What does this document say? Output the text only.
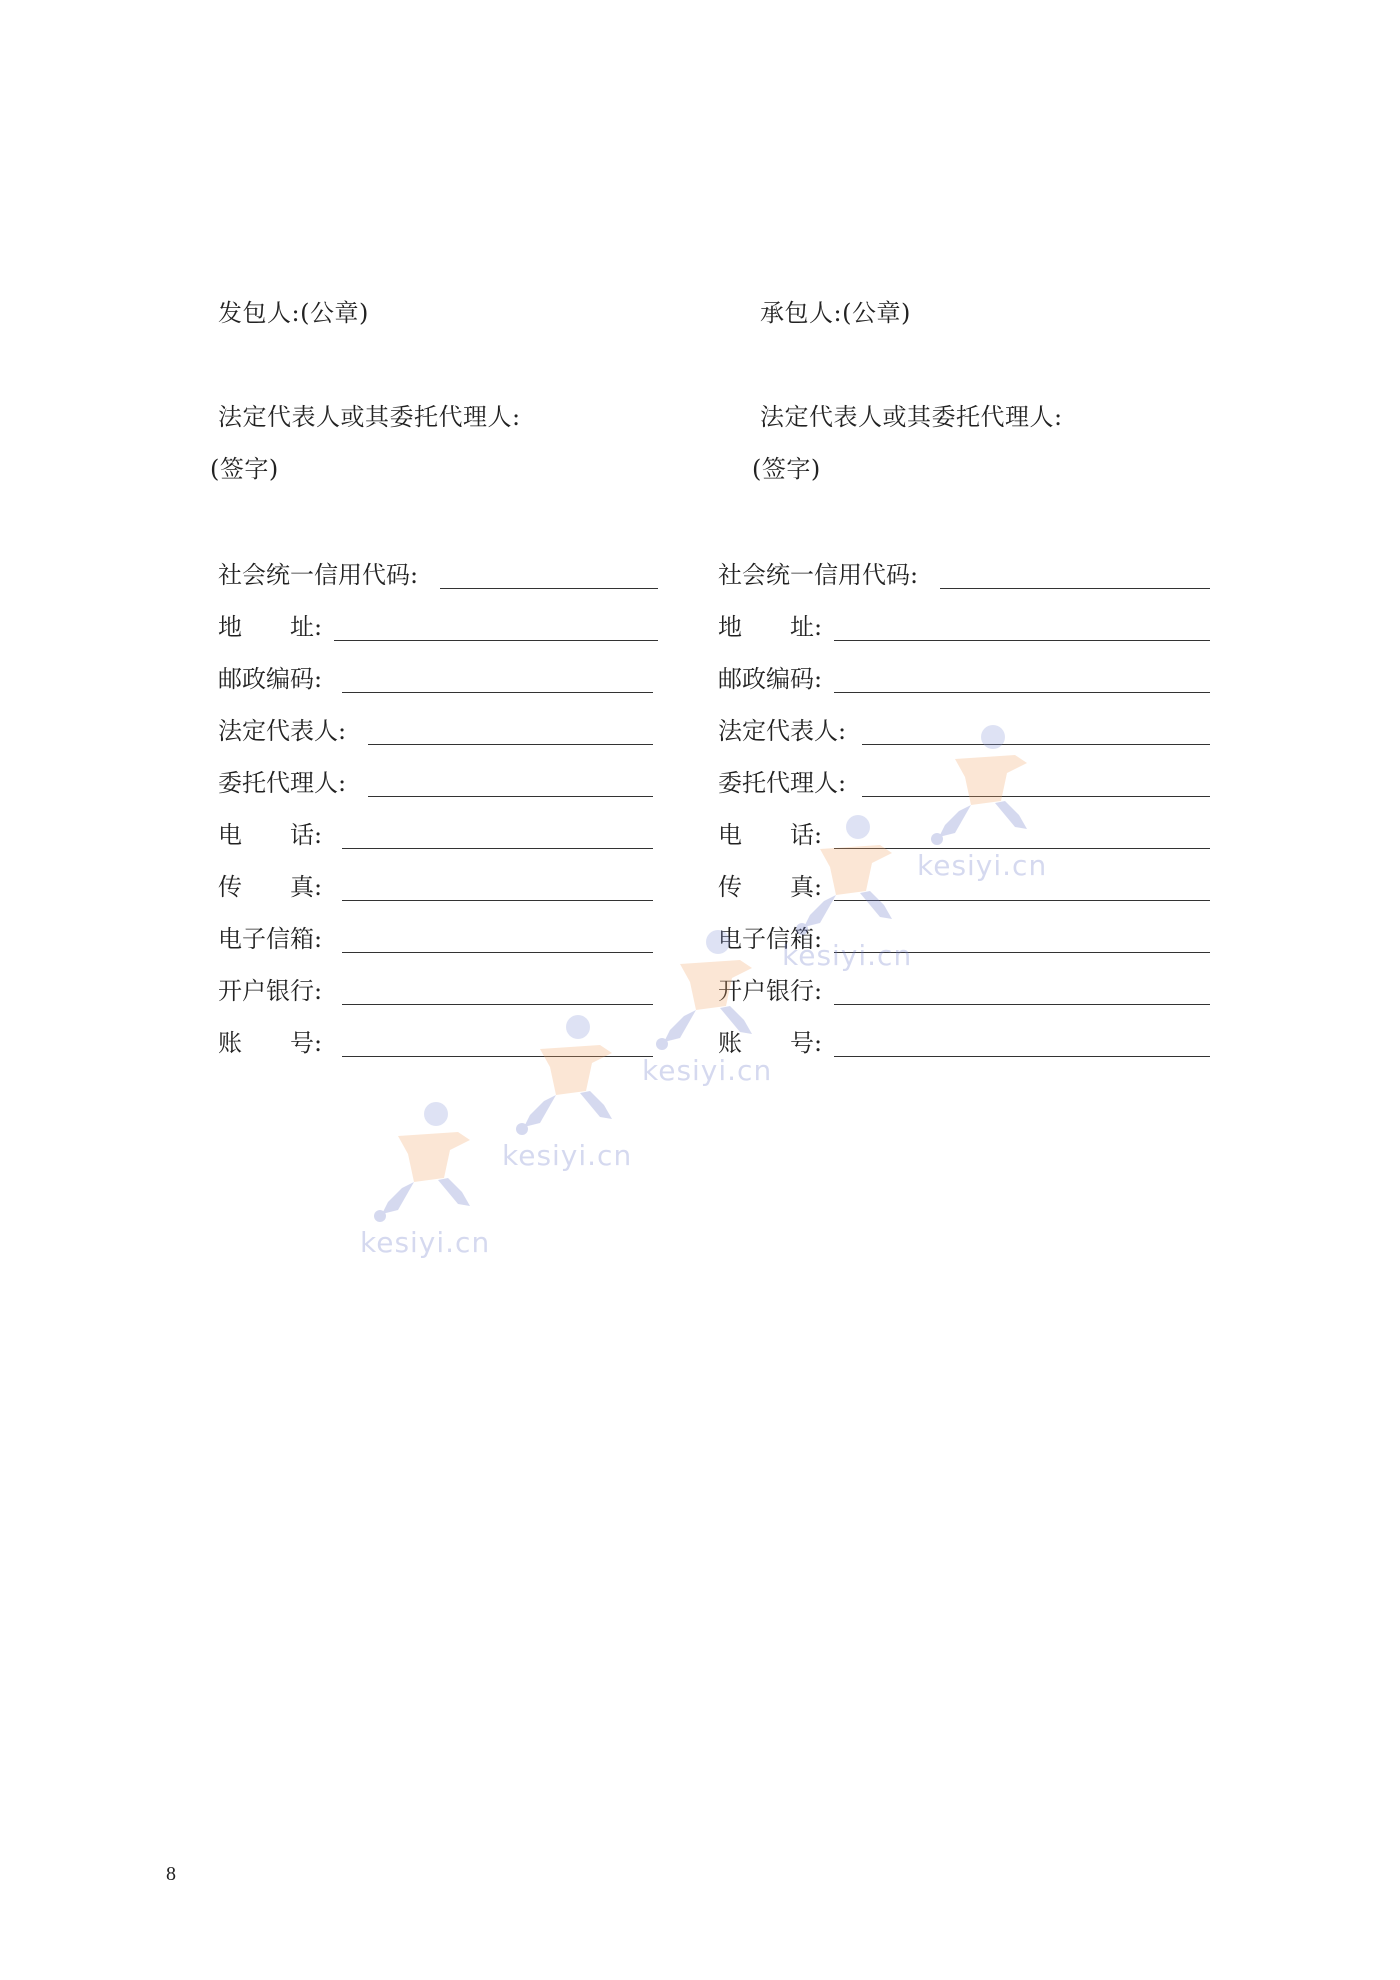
发包人:(公章)
法定代表人或其委托代理人:
(签字)
承包人:(公章)
法定代表人或其委托代理人:
(签字)
社会统一信用代码:
地　　址:
邮政编码:
法定代表人:
委托代理人:
电　　话:
传　　真:
电子信箱:
开户银行:
账　　号:
社会统一信用代码:
地　　址:
邮政编码:
法定代表人:
委托代理人:
电　　话:
传　　真:
电子信箱:
开户银行:
账　　号:
kesiyi.cn
kesiyi.cn
kesiyi.cn
kesiyi.cn
kesiyi.cn
8
